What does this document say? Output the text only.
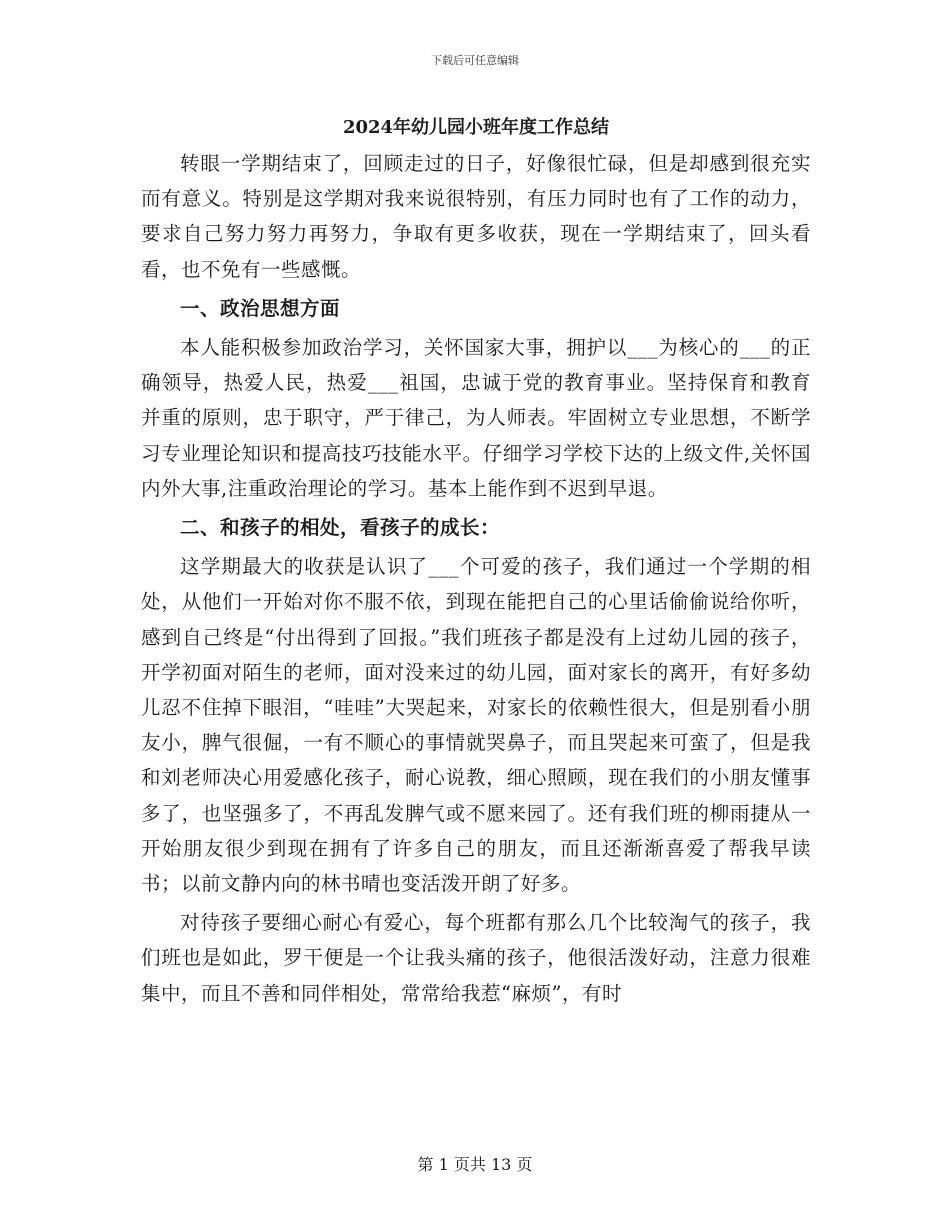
下载后可任意编辑
2024年幼儿园小班年度工作总结

转眼一学期结束了，回顾走过的日子，好像很忙碌，但是却感到很充实而有意义。特别是这学期对我来说很特别，有压力同时也有了工作的动力，要求自己努力努力再努力，争取有更多收获，现在一学期结束了，回头看看，也不免有一些感慨。

一、政治思想方面

本人能积极参加政治学习，关怀国家大事，拥护以___为核心的___的正确领导，热爱人民，热爱___祖国，忠诚于党的教育事业。坚持保育和教育并重的原则，忠于职守，严于律己，为人师表。牢固树立专业思想，不断学习专业理论知识和提高技巧技能水平。仔细学习学校下达的上级文件,关怀国内外大事,注重政治理论的学习。基本上能作到不迟到早退。

二、和孩子的相处，看孩子的成长：

这学期最大的收获是认识了___个可爱的孩子，我们通过一个学期的相处，从他们一开始对你不服不依，到现在能把自己的心里话偷偷说给你听，感到自己终是“付出得到了回报。”我们班孩子都是没有上过幼儿园的孩子，开学初面对陌生的老师，面对没来过的幼儿园，面对家长的离开，有好多幼儿忍不住掉下眼泪，“哇哇”大哭起来，对家长的依赖性很大，但是别看小朋友小，脾气很倔，一有不顺心的事情就哭鼻子，而且哭起来可蛮了，但是我和刘老师决心用爱感化孩子，耐心说教，细心照顾，现在我们的小朋友懂事多了，也坚强多了，不再乱发脾气或不愿来园了。还有我们班的柳雨捷从一开始朋友很少到现在拥有了许多自己的朋友，而且还渐渐喜爱了帮我早读书；以前文静内向的林书晴也变活泼开朗了好多。

对待孩子要细心耐心有爱心，每个班都有那么几个比较淘气的孩子，我们班也是如此，罗干便是一个让我头痛的孩子，他很活泼好动，注意力很难集中，而且不善和同伴相处，常常给我惹“麻烦”，有时

第 1 页共 13 页
